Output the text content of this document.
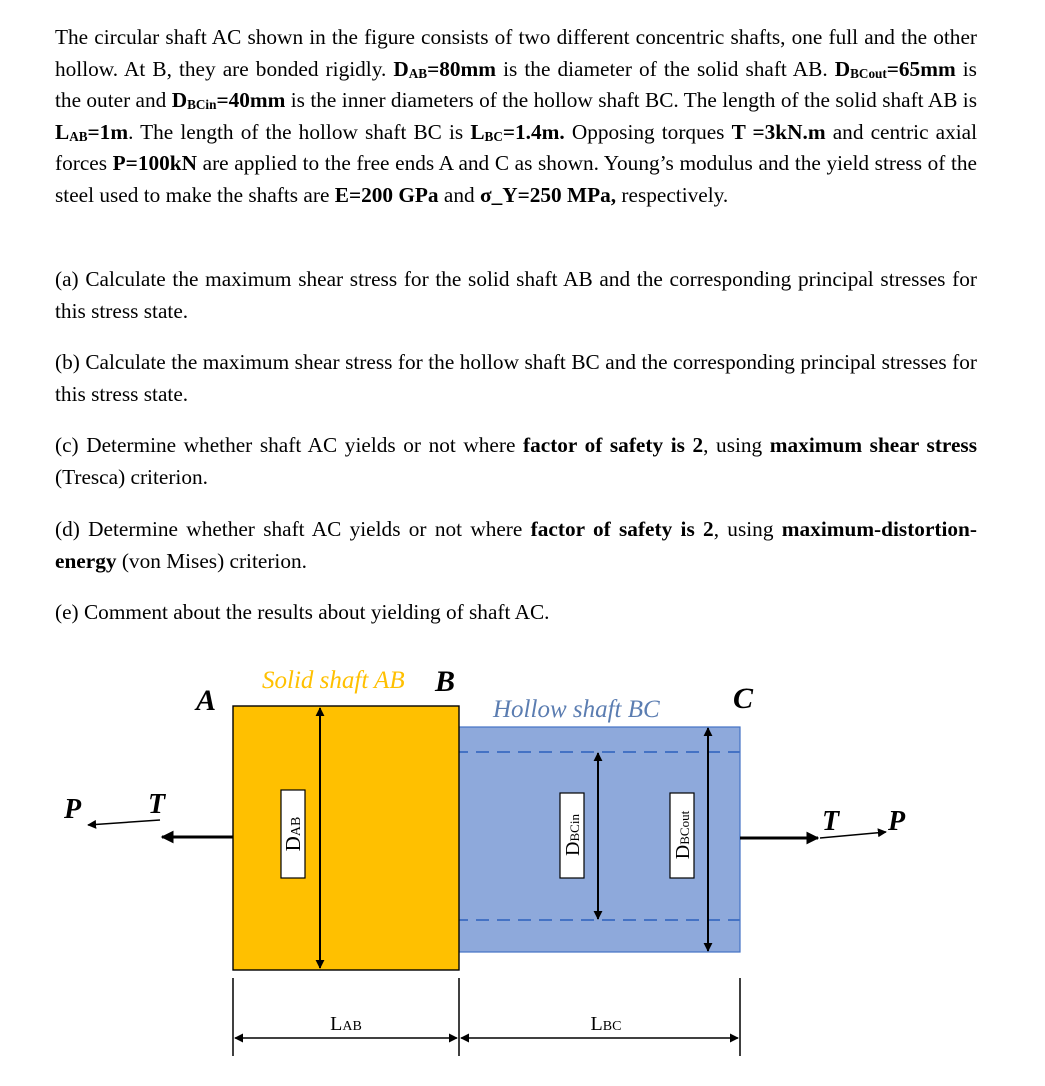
The circular shaft AC shown in the figure consists of two different concentric shafts, one full and the other hollow. At B, they are bonded rigidly. $D_{AB}=80mm$ is the diameter of the solid shaft AB. $D_{BCout}=65mm$ is the outer and $D_{BCin}=40mm$ is the inner diameters of the hollow shaft BC. The length of the solid shaft AB is $L_{AB}=1m$. The length of the hollow shaft BC is $L_{BC}=1.4m$. Opposing torques T =3kN.m and centric axial forces P=100kN are applied to the free ends A and C as shown. Young’s modulus and the yield stress of the steel used to make the shafts are E=200 GPa and σ_Y=250 MPa, respectively.
(a) Calculate the maximum shear stress for the solid shaft AB and the corresponding principal stresses for this stress state.
(b) Calculate the maximum shear stress for the hollow shaft BC and the corresponding principal stresses for this stress state.
(c) Determine whether shaft AC yields or not where factor of safety is 2, using maximum shear stress (Tresca) criterion.
(d) Determine whether shaft AC yields or not where factor of safety is 2, using maximum-distortion-energy (von Mises) criterion.
(e) Comment about the results about yielding of shaft AC.
DAB
DBCin
DBCout
Solid shaft AB B
A	Hollow shaft BC C
P T
T P
LAB	LBC
